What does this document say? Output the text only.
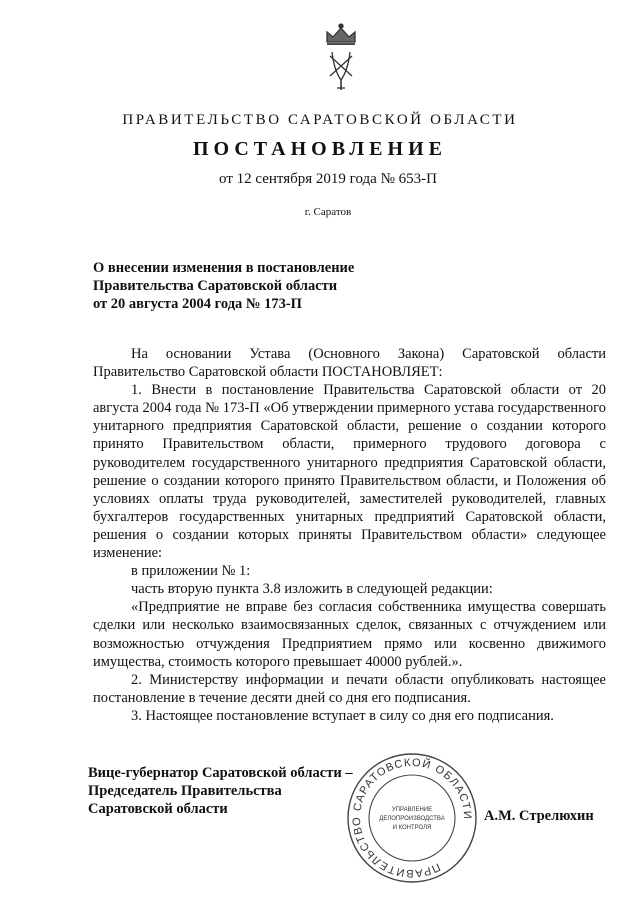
ПРАВИТЕЛЬСТВО САРАТОВСКОЙ ОБЛАСТИ
ПОСТАНОВЛЕНИЕ
от 12 сентября 2019 года № 653-П
г. Саратов
О внесении изменения в постановление
Правительства Саратовской области
от 20 августа 2004 года № 173-П

На основании Устава (Основного Закона) Саратовской области Правительство Саратовской области ПОСТАНОВЛЯЕТ:

1. Внести в постановление Правительства Саратовской области от 20 августа 2004 года № 173-П «Об утверждении примерного устава государственного унитарного предприятия Саратовской области, решение о создании которого принято Правительством области, примерного трудового договора с руководителем государственного унитарного предприятия Саратовской области, решение о создании которого принято Правительством области, и Положения об условиях оплаты труда руководителей, заместителей руководителей, главных бухгалтеров государственных унитарных предприятий Саратовской области, решения о создании которых приняты Правительством области» следующее изменение:

в приложении № 1:

часть вторую пункта 3.8 изложить в следующей редакции:

«Предприятие не вправе без согласия собственника имущества совершать сделки или несколько взаимосвязанных сделок, связанных с отчуждением или возможностью отчуждения Предприятием прямо или косвенно движимого имущества, стоимость которого превышает 40000 рублей.».

2. Министерству информации и печати области опубликовать настоящее постановление в течение десяти дней со дня его подписания.

3. Настоящее постановление вступает в силу со дня его подписания.

Вице-губернатор Саратовской области –
Председатель Правительства
Саратовской области
ПРАВИТЕЛЬСТВО САРАТОВСКОЙ ОБЛАСТИ
УПРАВЛЕНИЕ
ДЕЛОПРОИЗВОДСТВА
И КОНТРОЛЯ
А.М. Стрелюхин
